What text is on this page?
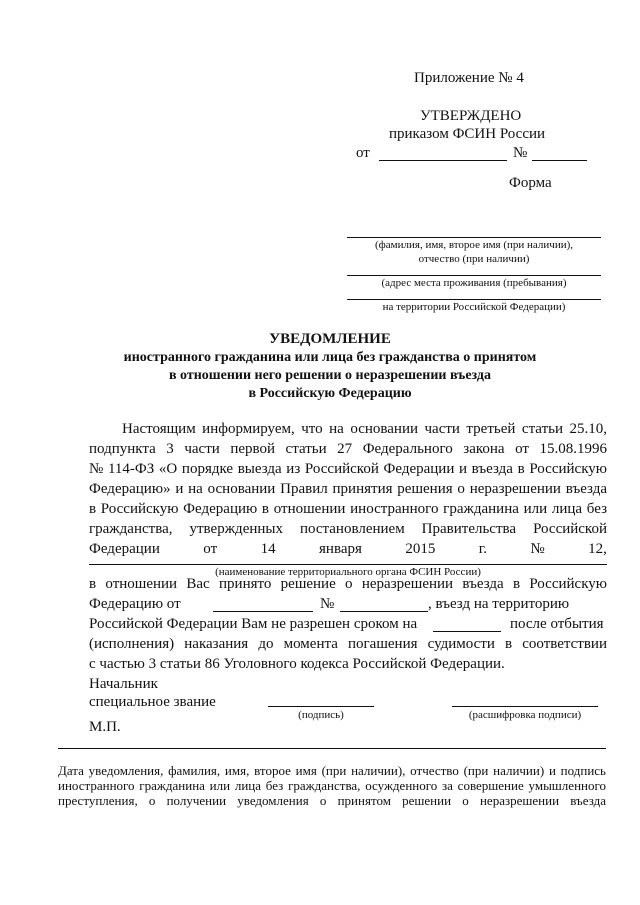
Приложение № 4
УТВЕРЖДЕНО
приказом ФСИН России
от	№
Форма
(фамилия, имя, второе имя (при наличии),
отчество (при наличии)
(адрес места проживания (пребывания)
на территории Российской Федерации)
УВЕДОМЛЕНИЕ
иностранного гражданина или лица без гражданства о принятом
в отношении него решении о неразрешении въезда
в Российскую Федерацию
Настоящим информируем, что на основании части третьей статьи 25.10,
подпункта 3 части первой статьи 27 Федерального закона от 15.08.1996
№ 114-ФЗ «О порядке выезда из Российской Федерации и въезда в Российскую
Федерацию» и на основании Правил принятия решения о неразрешении въезда
в Российскую Федерацию в отношении иностранного гражданина или лица без
гражданства, утвержденных постановлением Правительства Российской
Федерации	от	14	января	2015	г.	№	12,
(наименование территориального органа ФСИН России)
в отношении Вас принято решение о неразрешении въезда в Российскую
Федерацию от	№	, въезд на территорию
Российской Федерации Вам не разрешен сроком на	после отбытия
(исполнения) наказания до момента погашения судимости в соответствии
с частью 3 статьи 86 Уголовного кодекса Российской Федерации.
Начальник
специальное звание
(подпись)	(расшифровка подписи)
М.П.
Дата уведомления, фамилия, имя, второе имя (при наличии), отчество (при наличии) и подпись
иностранного гражданина или лица без гражданства, осужденного за совершение умышленного
преступления, о получении уведомления о принятом решении о неразрешении въезда
